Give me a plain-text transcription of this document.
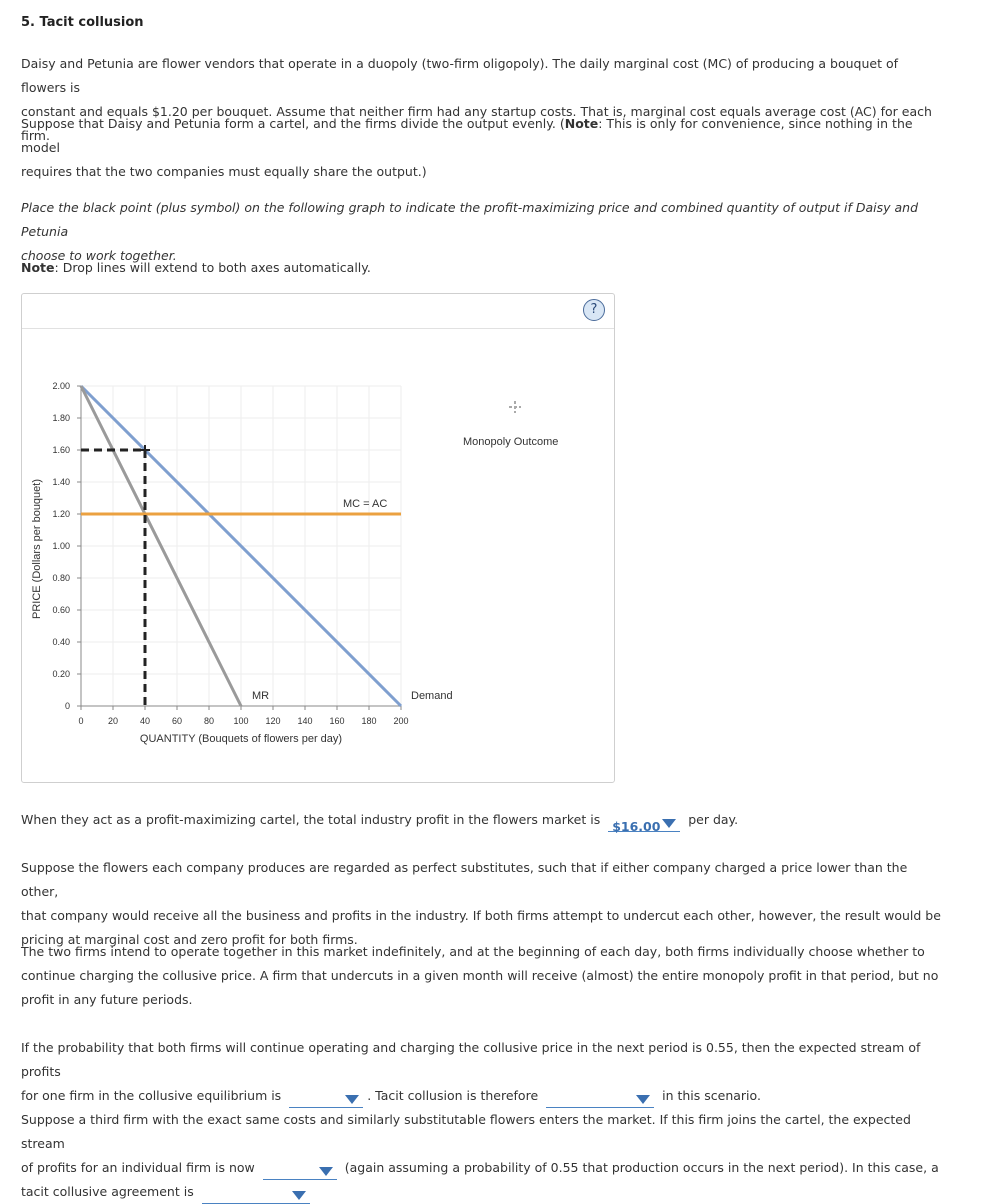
5. Tacit collusion
Daisy and Petunia are flower vendors that operate in a duopoly (two-firm oligopoly). The daily marginal cost (MC) of producing a bouquet of flowers is
constant and equals $1.20 per bouquet. Assume that neither firm had any startup costs. That is, marginal cost equals average cost (AC) for each firm.
Suppose that Daisy and Petunia form a cartel, and the firms divide the output evenly. (Note: This is only for convenience, since nothing in the model
requires that the two companies must equally share the output.)
Place the black point (plus symbol) on the following graph to indicate the profit-maximizing price and combined quantity of output if Daisy and Petunia
choose to work together.
Note: Drop lines will extend to both axes automatically.
?
PRICE (Dollars per bouquet)
QUANTITY (Bouquets of flowers per day)
0
0.20
0.40
0.60
0.80
1.00
1.20
1.40
1.60
1.80
2.00
0	20 40 60 80 100 120 140 160 180 200
MC = AC
MR	Demand
Monopoly Outcome
When they act as a profit-maximizing cartel, the total industry profit in the flowers market is $16.00 per day.
Suppose the flowers each company produces are regarded as perfect substitutes, such that if either company charged a price lower than the other,
that company would receive all the business and profits in the industry. If both firms attempt to undercut each other, however, the result would be
pricing at marginal cost and zero profit for both firms.
The two firms intend to operate together in this market indefinitely, and at the beginning of each day, both firms individually choose whether to
continue charging the collusive price. A firm that undercuts in a given month will receive (almost) the entire monopoly profit in that period, but no
profit in any future periods.
If the probability that both firms will continue operating and charging the collusive price in the next period is 0.55, then the expected stream of profits
for one firm in the collusive equilibrium is	. Tacit collusion is therefore	in this scenario.
Suppose a third firm with the exact same costs and similarly substitutable flowers enters the market. If this firm joins the cartel, the expected stream
of profits for an individual firm is now	(again assuming a probability of 0.55 that production occurs in the next period). In this case, a
tacit collusive agreement is
